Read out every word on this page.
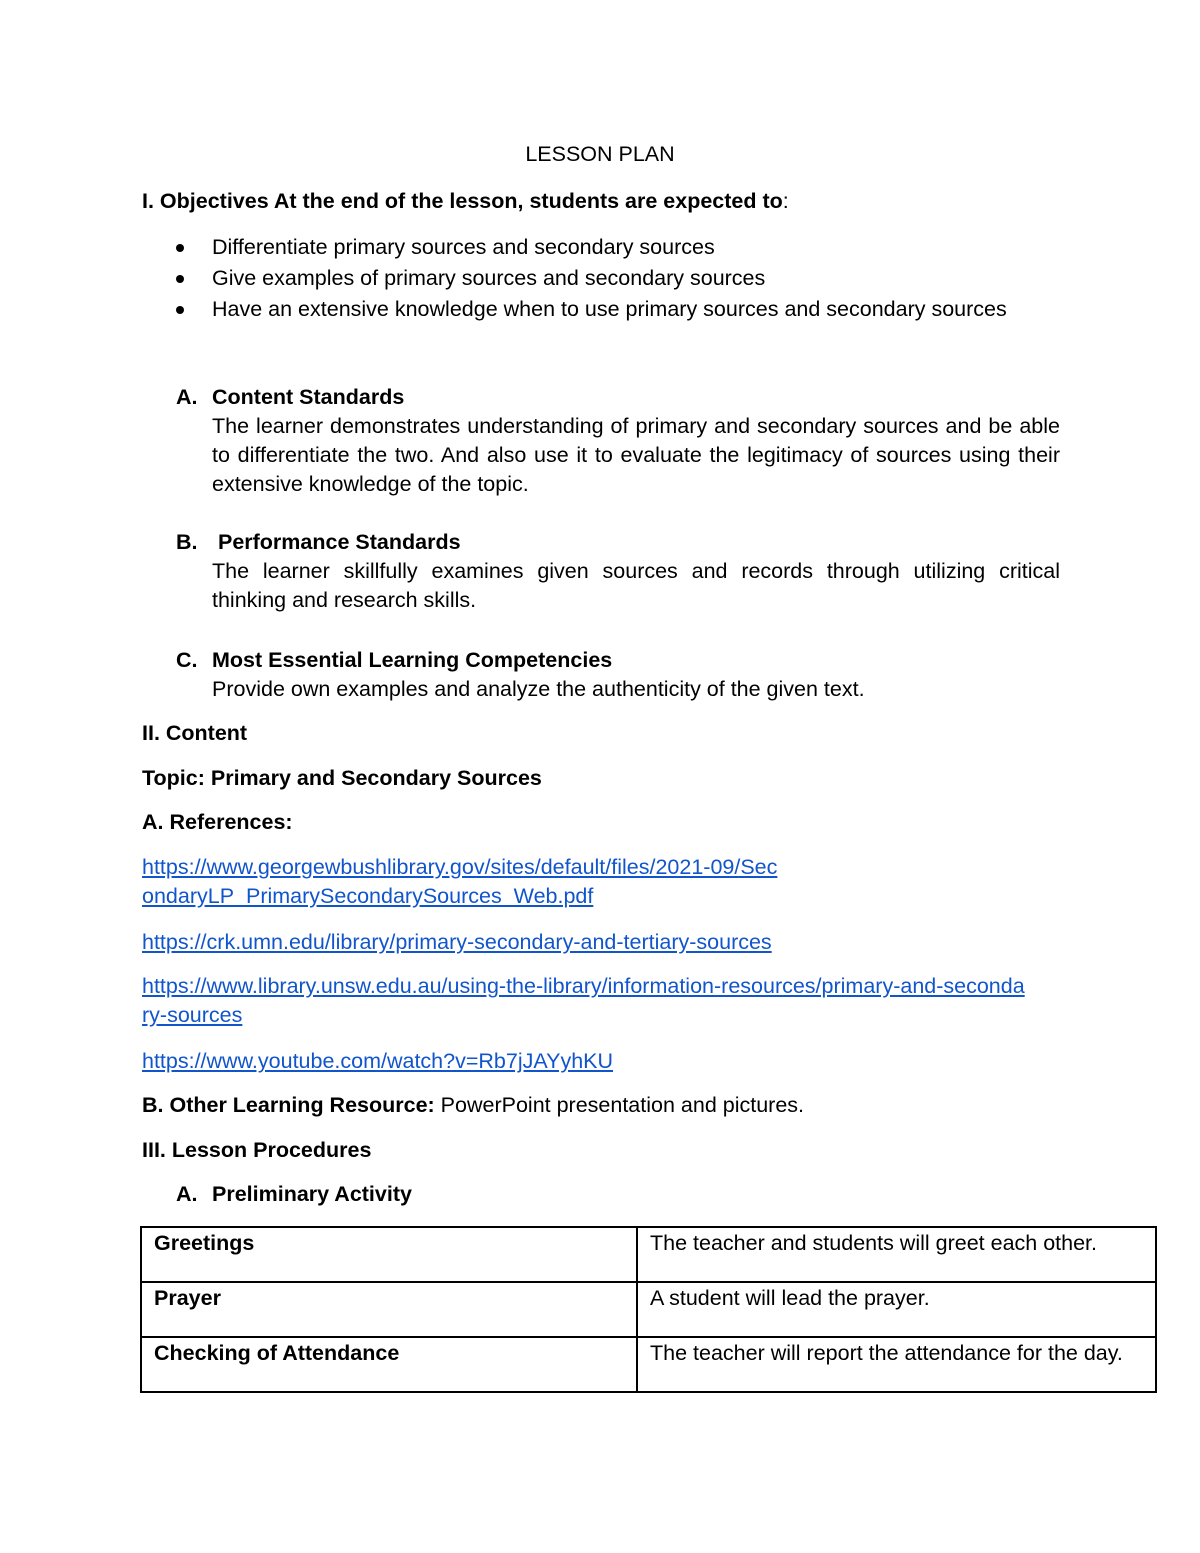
LESSON PLAN
I. Objectives At the end of the lesson, students are expected to:
Differentiate primary sources and secondary sources
Give examples of primary sources and secondary sources
Have an extensive knowledge when to use primary sources and secondary sources
A. Content Standards
The learner demonstrates understanding of primary and secondary sources and be able to differentiate the two. And also use it to evaluate the legitimacy of sources using their extensive knowledge of the topic.
B. Performance Standards
The learner skillfully examines given sources and records through utilizing critical thinking and research skills.
C. Most Essential Learning Competencies
Provide own examples and analyze the authenticity of the given text.
II. Content
Topic: Primary and Secondary Sources
A. References:
https://www.georgewbushlibrary.gov/sites/default/files/2021-09/SecondaryLP_PrimarySecondarySources_Web.pdf
https://crk.umn.edu/library/primary-secondary-and-tertiary-sources
https://www.library.unsw.edu.au/using-the-library/information-resources/primary-and-secondary-sources
https://www.youtube.com/watch?v=Rb7jJAYyhKU
B. Other Learning Resource: PowerPoint presentation and pictures.
III. Lesson Procedures
A. Preliminary Activity
Greetings	The teacher and students will greet each other.
Prayer	A student will lead the prayer.
Checking of Attendance	The teacher will report the attendance for the day.
